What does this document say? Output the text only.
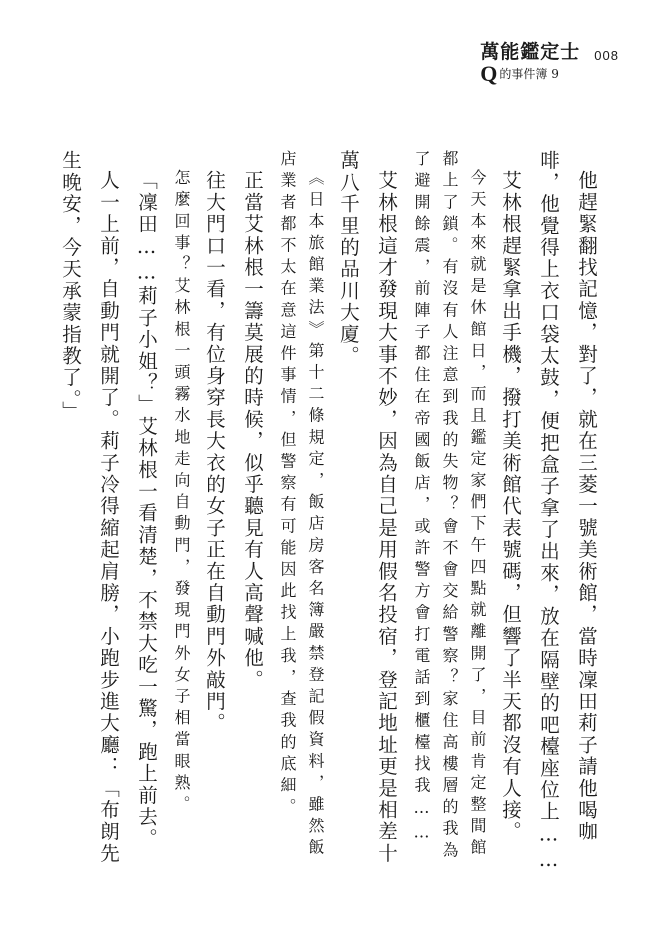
萬能鑑定士
Q 的事件簿 9
008

他趕緊翻找記憶，對了，就在三菱一號美術館，當時凜田莉子請他喝咖啡，他覺得上衣口袋太鼓，便把盒子拿了出來，放在隔壁的吧檯座位上……

艾林根趕緊拿出手機，撥打美術館代表號碼，但響了半天都沒有人接。

今天本來就是休館日，而且鑑定家們下午四點就離開了，目前肯定整間館都上了鎖。有沒有人注意到我的失物？會不會交給警察？家住高樓層的我為了避開餘震，前陣子都住在帝國飯店，或許警方會打電話到櫃檯找我……

艾林根這才發現大事不妙，因為自己是用假名投宿，登記地址更是相差十萬八千里的品川大廈。

《日本旅館業法》第十二條規定，飯店房客名簿嚴禁登記假資料，雖然飯店業者都不太在意這件事情，但警察有可能因此找上我，查我的底細。

正當艾林根一籌莫展的時候，似乎聽見有人高聲喊他。

往大門口一看，有位身穿長大衣的女子正在自動門外敲門。

怎麼回事？艾林根一頭霧水地走向自動門，發現門外女子相當眼熟。

「凜田……莉子小姐？」艾林根一看清楚，不禁大吃一驚，跑上前去。

人一上前，自動門就開了。莉子冷得縮起肩膀，小跑步進大廳：「布朗先生晚安，今天承蒙指教了。」
